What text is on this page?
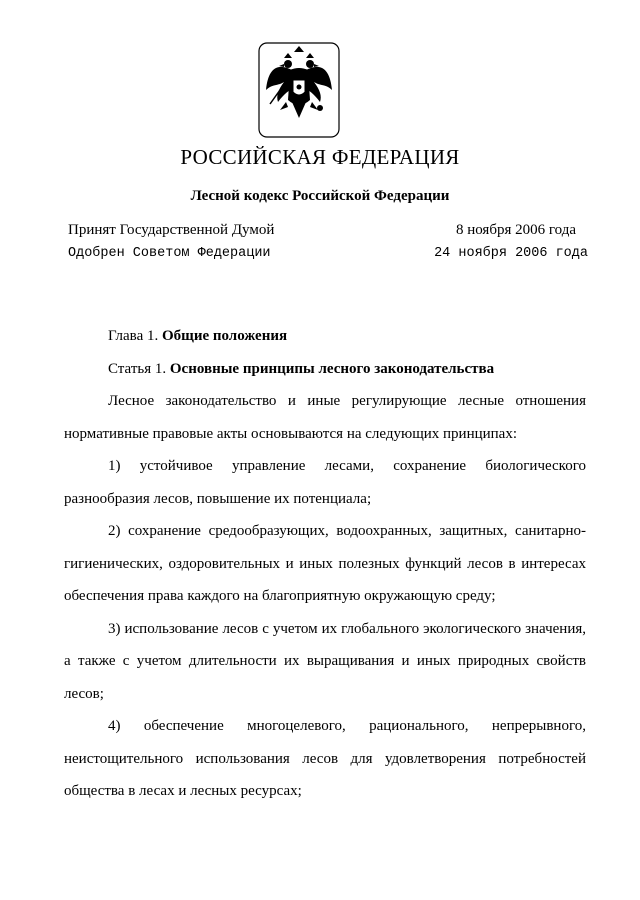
РОССИЙСКАЯ ФЕДЕРАЦИЯ
Лесной кодекс Российской Федерации
Принят Государственной Думой	8 ноября 2006 года
Одобрен Советом Федерации	24 ноября 2006 года
Глава 1. Общие положения
Статья 1. Основные принципы лесного законодательства

Лесное законодательство и иные регулирующие лесные отношения нормативные правовые акты основываются на следующих принципах:

1) устойчивое управление лесами, сохранение биологического разнообразия лесов, повышение их потенциала;

2) сохранение средообразующих, водоохранных, защитных, санитарно-гигиенических, оздоровительных и иных полезных функций лесов в интересах обеспечения права каждого на благоприятную окружающую среду;

3) использование лесов с учетом их глобального экологического значения, а также с учетом длительности их выращивания и иных природных свойств лесов;

4) обеспечение многоцелевого, рационального, непрерывного, неистощительного использования лесов для удовлетворения потребностей общества в лесах и лесных ресурсах;
